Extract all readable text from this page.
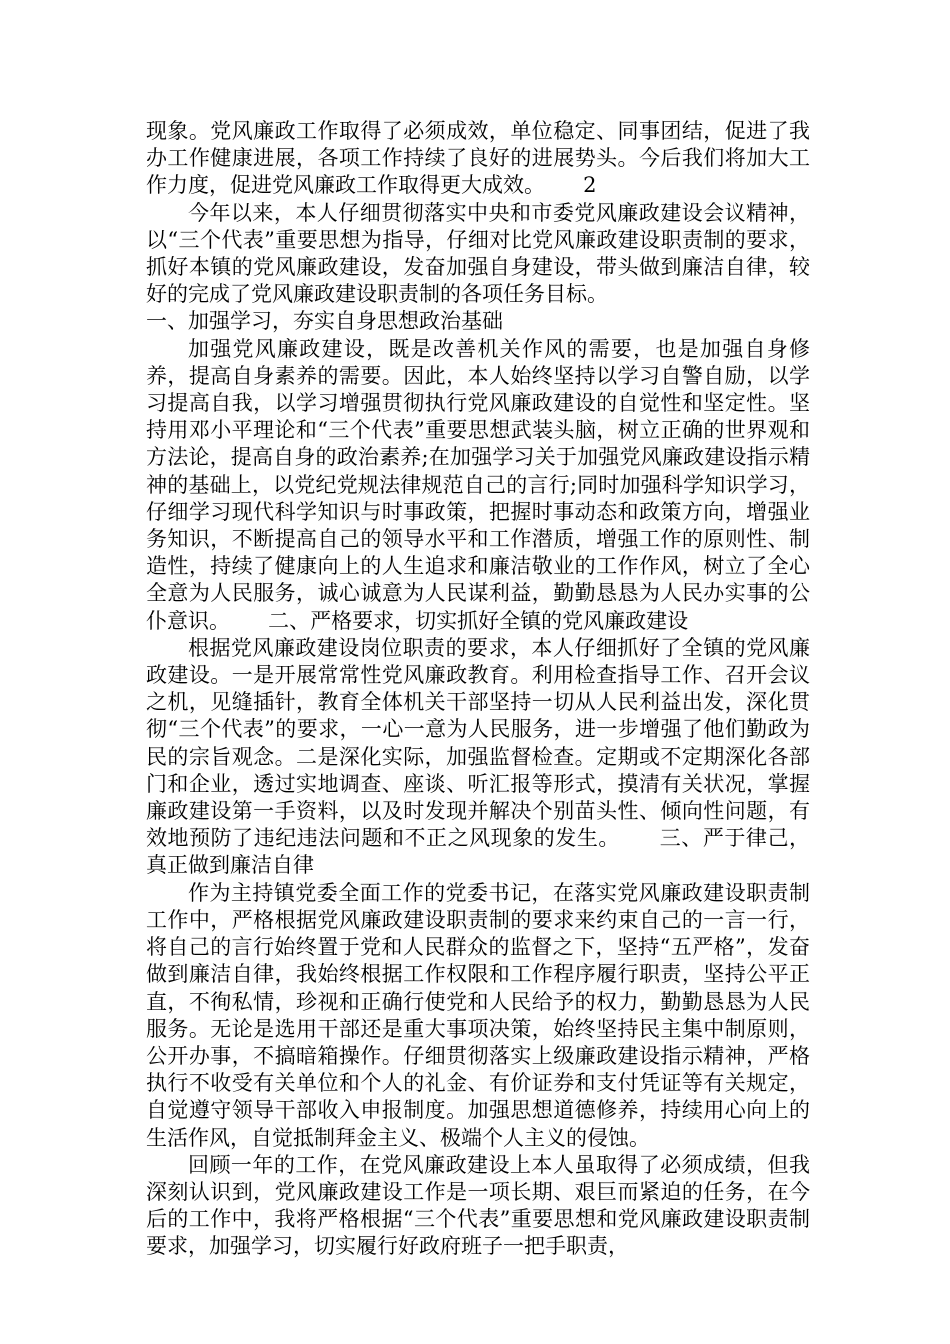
现象。党风廉政工作取得了必须成效，单位稳定、同事团结，促进了我办工作健康进展，各项工作持续了良好的进展势头。今后我们将加大工作力度，促进党风廉政工作取得更大成效。　　 2

今年以来，本人仔细贯彻落实中央和市委党风廉政建设会议精神，以“三个代表”重要思想为指导，仔细对比党风廉政建设职责制的要求，抓好本镇的党风廉政建设，发奋加强自身建设，带头做到廉洁自律，较好的完成了党风廉政建设职责制的各项任务目标。

一、加强学习，夯实自身思想政治基础

加强党风廉政建设，既是改善机关作风的需要，也是加强自身修养，提高自身素养的需要。因此，本人始终坚持以学习自警自励，以学习提高自我，以学习增强贯彻执行党风廉政建设的自觉性和坚定性。坚持用邓小平理论和“三个代表”重要思想武装头脑，树立正确的世界观和方法论，提高自身的政治素养;在加强学习关于加强党风廉政建设指示精神的基础上，以党纪党规法律规范自己的言行;同时加强科学知识学习，仔细学习现代科学知识与时事政策，把握时事动态和政策方向，增强业务知识，不断提高自己的领导水平和工作潜质，增强工作的原则性、制造性，持续了健康向上的人生追求和廉洁敬业的工作作风，树立了全心全意为人民服务，诚心诚意为人民谋利益，勤勤恳恳为人民办实事的公仆意识。　　 二、严格要求，切实抓好全镇的党风廉政建设

根据党风廉政建设岗位职责的要求，本人仔细抓好了全镇的党风廉政建设。一是开展常常性党风廉政教育。利用检查指导工作、召开会议之机，见缝插针，教育全体机关干部坚持一切从人民利益出发，深化贯彻“三个代表”的要求，一心一意为人民服务，进一步增强了他们勤政为民的宗旨观念。二是深化实际，加强监督检查。定期或不定期深化各部门和企业，透过实地调查、座谈、听汇报等形式，摸清有关状况，掌握廉政建设第一手资料，以及时发现并解决个别苗头性、倾向性问题，有效地预防了违纪违法问题和不正之风现象的发生。　　 三、严于律己，真正做到廉洁自律

作为主持镇党委全面工作的党委书记，在落实党风廉政建设职责制工作中，严格根据党风廉政建设职责制的要求来约束自己的一言一行，将自己的言行始终置于党和人民群众的监督之下，坚持“五严格”，发奋做到廉洁自律，我始终根据工作权限和工作程序履行职责，坚持公平正直，不徇私情，珍视和正确行使党和人民给予的权力，勤勤恳恳为人民服务。无论是选用干部还是重大事项决策，始终坚持民主集中制原则，公开办事，不搞暗箱操作。仔细贯彻落实上级廉政建设指示精神，严格执行不收受有关单位和个人的礼金、有价证券和支付凭证等有关规定，自觉遵守领导干部收入申报制度。加强思想道德修养，持续用心向上的生活作风，自觉抵制拜金主义、极端个人主义的侵蚀。

回顾一年的工作，在党风廉政建设上本人虽取得了必须成绩，但我深刻认识到，党风廉政建设工作是一项长期、艰巨而紧迫的任务，在今后的工作中，我将严格根据“三个代表”重要思想和党风廉政建设职责制要求，加强学习，切实履行好政府班子一把手职责，
